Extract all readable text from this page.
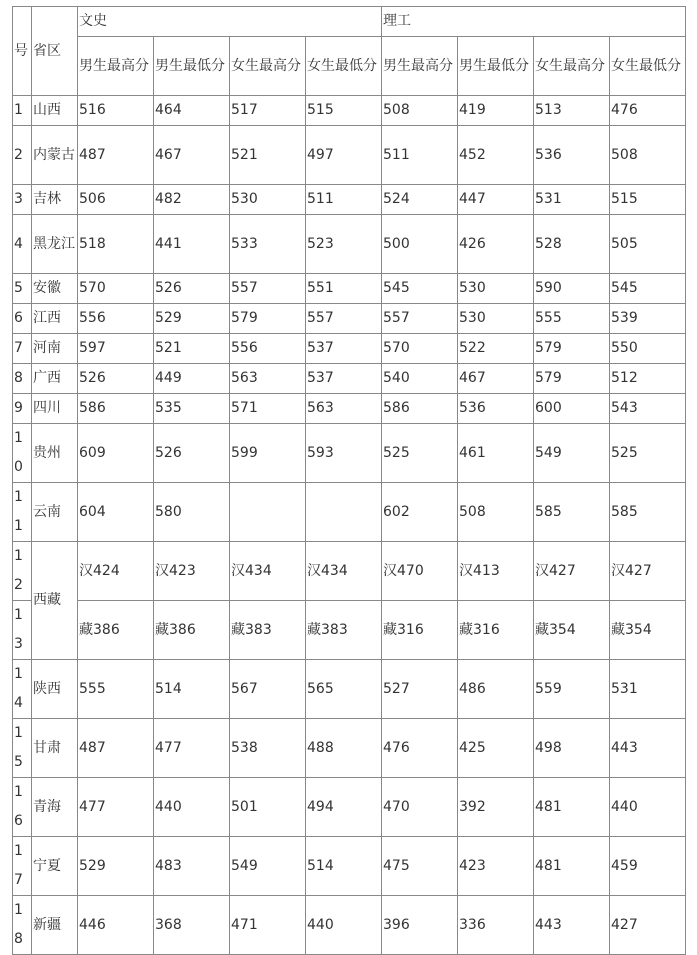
号	省区	文史				理工			
		男生最高分	男生最低分	女生最高分	女生最低分	男生最高分	男生最低分	女生最高分	女生最低分
1	山西	516	464	517	515	508	419	513	476
2	内蒙古	487	467	521	497	511	452	536	508
3	吉林	506	482	530	511	524	447	531	515
4	黑龙江	518	441	533	523	500	426	528	505
5	安徽	570	526	557	551	545	530	590	545
6	江西	556	529	579	557	557	530	555	539
7	河南	597	521	556	537	570	522	579	550
8	广西	526	449	563	537	540	467	579	512
9	四川	586	535	571	563	586	536	600	543
10	贵州	609	526	599	593	525	461	549	525
11	云南	604	580			602	508	585	585
12	西藏	汉424	汉423	汉434	汉434	汉470	汉413	汉427	汉427
13		藏386	藏386	藏383	藏383	藏316	藏316	藏354	藏354
14	陕西	555	514	567	565	527	486	559	531
15	甘肃	487	477	538	488	476	425	498	443
16	青海	477	440	501	494	470	392	481	440
17	宁夏	529	483	549	514	475	423	481	459
18	新疆	446	368	471	440	396	336	443	427
